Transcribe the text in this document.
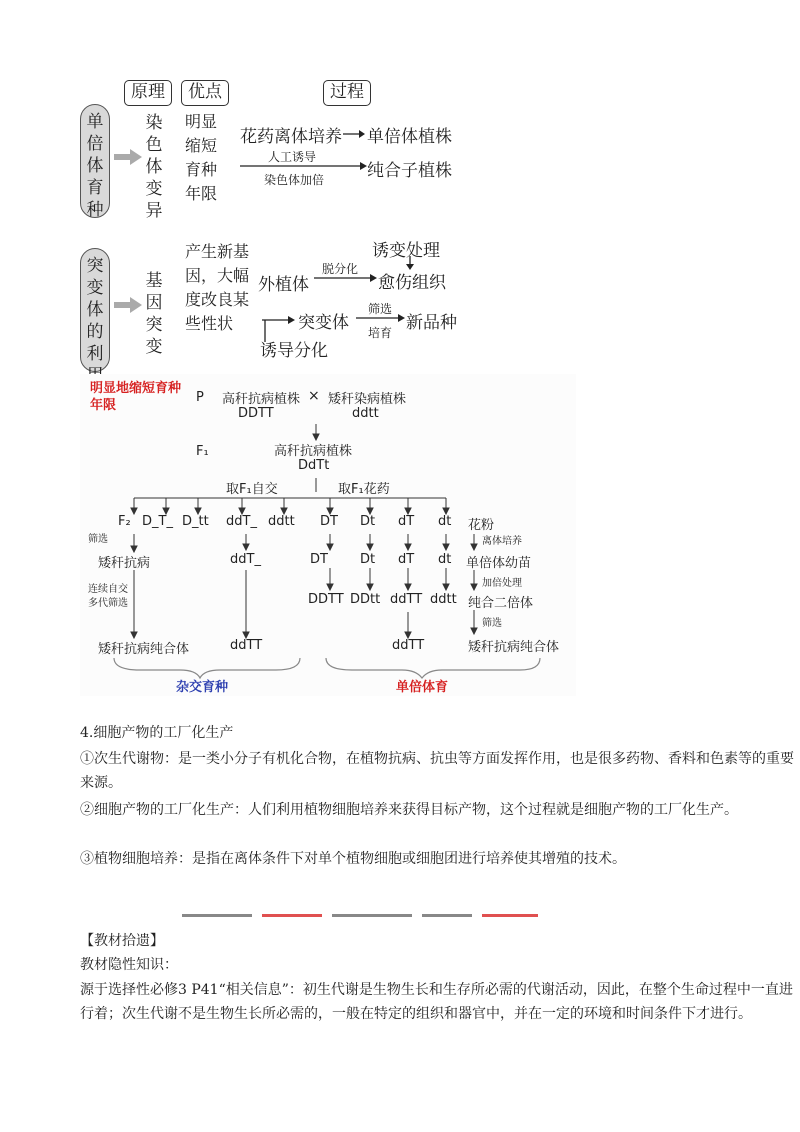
原理	优点	过程
单倍体育种
染色体变异
明显缩短育种年限
花药离体培养 单倍体植株
人工诱导
染色体加倍	纯合子植株
突变体的利
基因突变
产生新基因，大幅度改良某些性状
外植体
脱分化
诱变处理
愈伤组织
突变体
筛选
培育 新品种
诱导分化
明显地缩短育种年限
P 高秆抗病植株
DDTT
× 矮秆染病植株
ddtt
F₁	高秆抗病植株
DdTt
取F₁自交	取F₁花药
F₂ D_T_ D_tt ddT_ ddtt DT Dt dT dt 花粉
筛选
矮秆抗病	ddT_
连续自交
多代筛选
DT Dt dT dt
离体培养
单倍体幼苗
加倍处理
DDTT DDtt ddTT ddtt 纯合二倍体
筛选
矮秆抗病纯合体	ddTT	ddTT	矮秆抗病纯合体
杂交育种	单倍体育
4.细胞产物的工厂化生产
①次生代谢物：是一类小分子有机化合物，在植物抗病、抗虫等方面发挥作用，也是很多药物、香料和色素等的重要来源。
②细胞产物的工厂化生产：人们利用植物细胞培养来获得目标产物，这个过程就是细胞产物的工厂化生产。
③植物细胞培养：是指在离体条件下对单个植物细胞或细胞团进行培养使其增殖的技术。
【教材拾遗】
教材隐性知识：
源于选择性必修3 P41“相关信息”：初生代谢是生物生长和生存所必需的代谢活动，因此，在整个生命过程中一直进行着；次生代谢不是生物生长所必需的，一般在特定的组织和器官中，并在一定的环境和时间条件下才进行。
